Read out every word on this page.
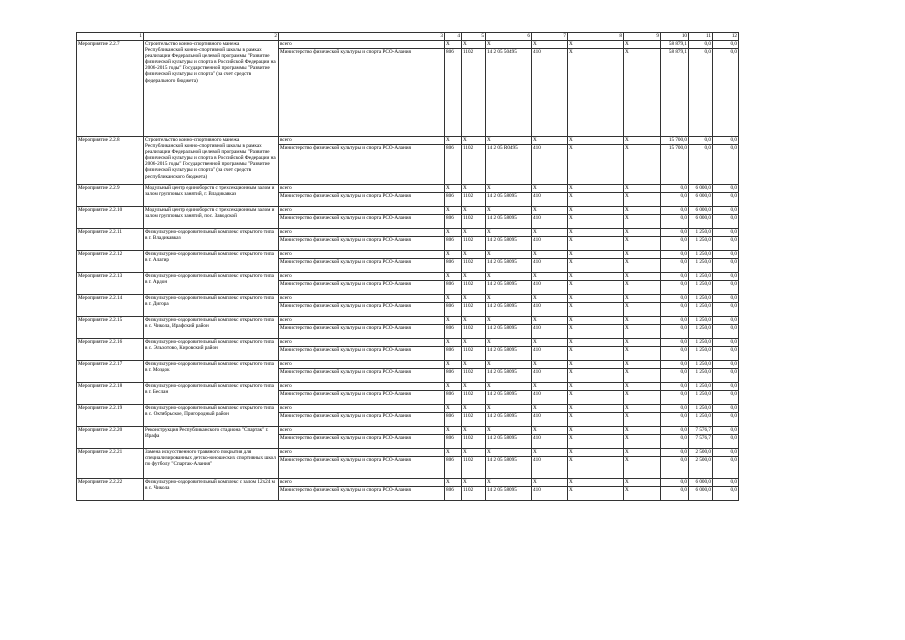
1	2	3	4	5	6	7	8	9	10	11	12
Мероприятие 2.2.7	Строительство конно-спортивного манежа Республиканской конно-спортивной школы в рамках реализации Федеральной целевой программы "Развитие физической культуры и спорта в Российской Федерации на 2006-2015 годы" Государственной программы "Развитие физической культуры и спорта" (за счет средств федерального бюджета)	всего	X	X	X	X	X	X	58 879,1	0,0	0,0
		Министерство физической культуры и спорта РСО-Алания	806	1102	14 2 05 50495	410	X	X	58 879,1	0,0	0,0
Мероприятие 2.2.8	Строительство конно-спортивного манежа Республиканской конно-спортивной школы в рамках реализации Федеральной целевой программы "Развитие физической культуры и спорта в Российской Федерации на 2006-2015 годы" Государственной программы "Развитие физической культуры и спорта" (за счет средств республиканского бюджета)	всего	X	X	X	X	X	X	15 700,0	0,0	0,0
		Министерство физической культуры и спорта РСО-Алания	806	1102	14 2 05 R0495	410	X	X	15 700,0	0,0	0,0
Мероприятие 2.2.9	Модульный центр единоборств с трехсекционным залом и залом групповых занятий, г. Владикавказ	всего	X	X	X	X	X	X	0,0	6 000,0	0,0
		Министерство физической культуры и спорта РСО-Алания	806	1102	14 2 05 58095	410	X	X	0,0	6 000,0	0,0
Мероприятие 2.2.10	Модульный центр единоборств с трехсекционным залом и залом групповых занятий, пос. Заводской	всего	X	X	X	X	X	X	0,0	6 000,0	0,0
		Министерство физической культуры и спорта РСО-Алания	806	1102	14 2 05 58095	410	X	X	0,0	6 000,0	0,0
Мероприятие 2.2.11	Физкультурно-оздоровительный комплекс открытого типа в г. Владикавказ	всего	X	X	X	X	X	X	0,0	1 250,0	0,0
		Министерство физической культуры и спорта РСО-Алания	806	1102	14 2 05 58095	410	X	X	0,0	1 250,0	0,0
Мероприятие 2.2.12	Физкультурно-оздоровительный комплекс открытого типа в г. Алагир	всего	X	X	X	X	X	X	0,0	1 250,0	0,0
		Министерство физической культуры и спорта РСО-Алания	806	1102	14 2 05 58095	410	X	X	0,0	1 250,0	0,0
Мероприятие 2.2.13	Физкультурно-оздоровительный комплекс открытого типа в г. Ардон	всего	X	X	X	X	X	X	0,0	1 250,0	0,0
		Министерство физической культуры и спорта РСО-Алания	806	1102	14 2 05 58095	410	X	X	0,0	1 250,0	0,0
Мероприятие 2.2.14	Физкультурно-оздоровительный комплекс открытого типа в г. Дигора	всего	X	X	X	X	X	X	0,0	1 250,0	0,0
		Министерство физической культуры и спорта РСО-Алания	806	1102	14 2 05 58095	410	X	X	0,0	1 250,0	0,0
Мероприятие 2.2.15	Физкультурно-оздоровительный комплекс открытого типа в с. Чикола, Ирафский район	всего	X	X	X	X	X	X	0,0	1 250,0	0,0
		Министерство физической культуры и спорта РСО-Алания	806	1102	14 2 05 58095	410	X	X	0,0	1 250,0	0,0
Мероприятие 2.2.16	Физкультурно-оздоровительный комплекс открытого типа в с. Эльхотово, Кировский район	всего	X	X	X	X	X	X	0,0	1 250,0	0,0
		Министерство физической культуры и спорта РСО-Алания	806	1102	14 2 05 58095	410	X	X	0,0	1 250,0	0,0
Мероприятие 2.2.17	Физкультурно-оздоровительный комплекс открытого типа в г. Моздок	всего	X	X	X	X	X	X	0,0	1 250,0	0,0
		Министерство физической культуры и спорта РСО-Алания	806	1102	14 2 05 58095	410	X	X	0,0	1 250,0	0,0
Мероприятие 2.2.18	Физкультурно-оздоровительный комплекс открытого типа в г. Беслан	всего	X	X	X	X	X	X	0,0	1 250,0	0,0
		Министерство физической культуры и спорта РСО-Алания	806	1102	14 2 05 58095	410	X	X	0,0	1 250,0	0,0
Мероприятие 2.2.19	Физкультурно-оздоровительный комплекс открытого типа в с. Октябрьское, Пригородный район	всего	X	X	X	X	X	X	0,0	1 250,0	0,0
		Министерство физической культуры и спорта РСО-Алания	806	1102	14 2 05 58095	410	X	X	0,0	1 250,0	0,0
Мероприятие 2.2.20	Реконструкция Республиканского стадиона "Спартак" г. Ирафа	всего	X	X	X	X	X	X	0,0	7 576,7	0,0
		Министерство физической культуры и спорта РСО-Алания	806	1102	14 2 05 58095	410	X	X	0,0	7 576,7	0,0
Мероприятие 2.2.21	Замена искусственного травяного покрытия для специализированных детско-юношеских спортивных школ по футболу "Спартак-Алания"	всего	X	X	X	X	X	X	0,0	2 500,0	0,0
		Министерство физической культуры и спорта РСО-Алания	806	1102	14 2 05 58095	410	X	X	0,0	2 500,0	0,0
Мероприятие 2.2.22	Физкультурно-оздоровительный комплекс с залом 12х24 м в с. Чикола	всего	X	X	X	X	X	X	0,0	6 000,0	0,0
		Министерство физической культуры и спорта РСО-Алания	806	1102	14 2 05 58095	410	X	X	0,0	6 000,0	0,0
